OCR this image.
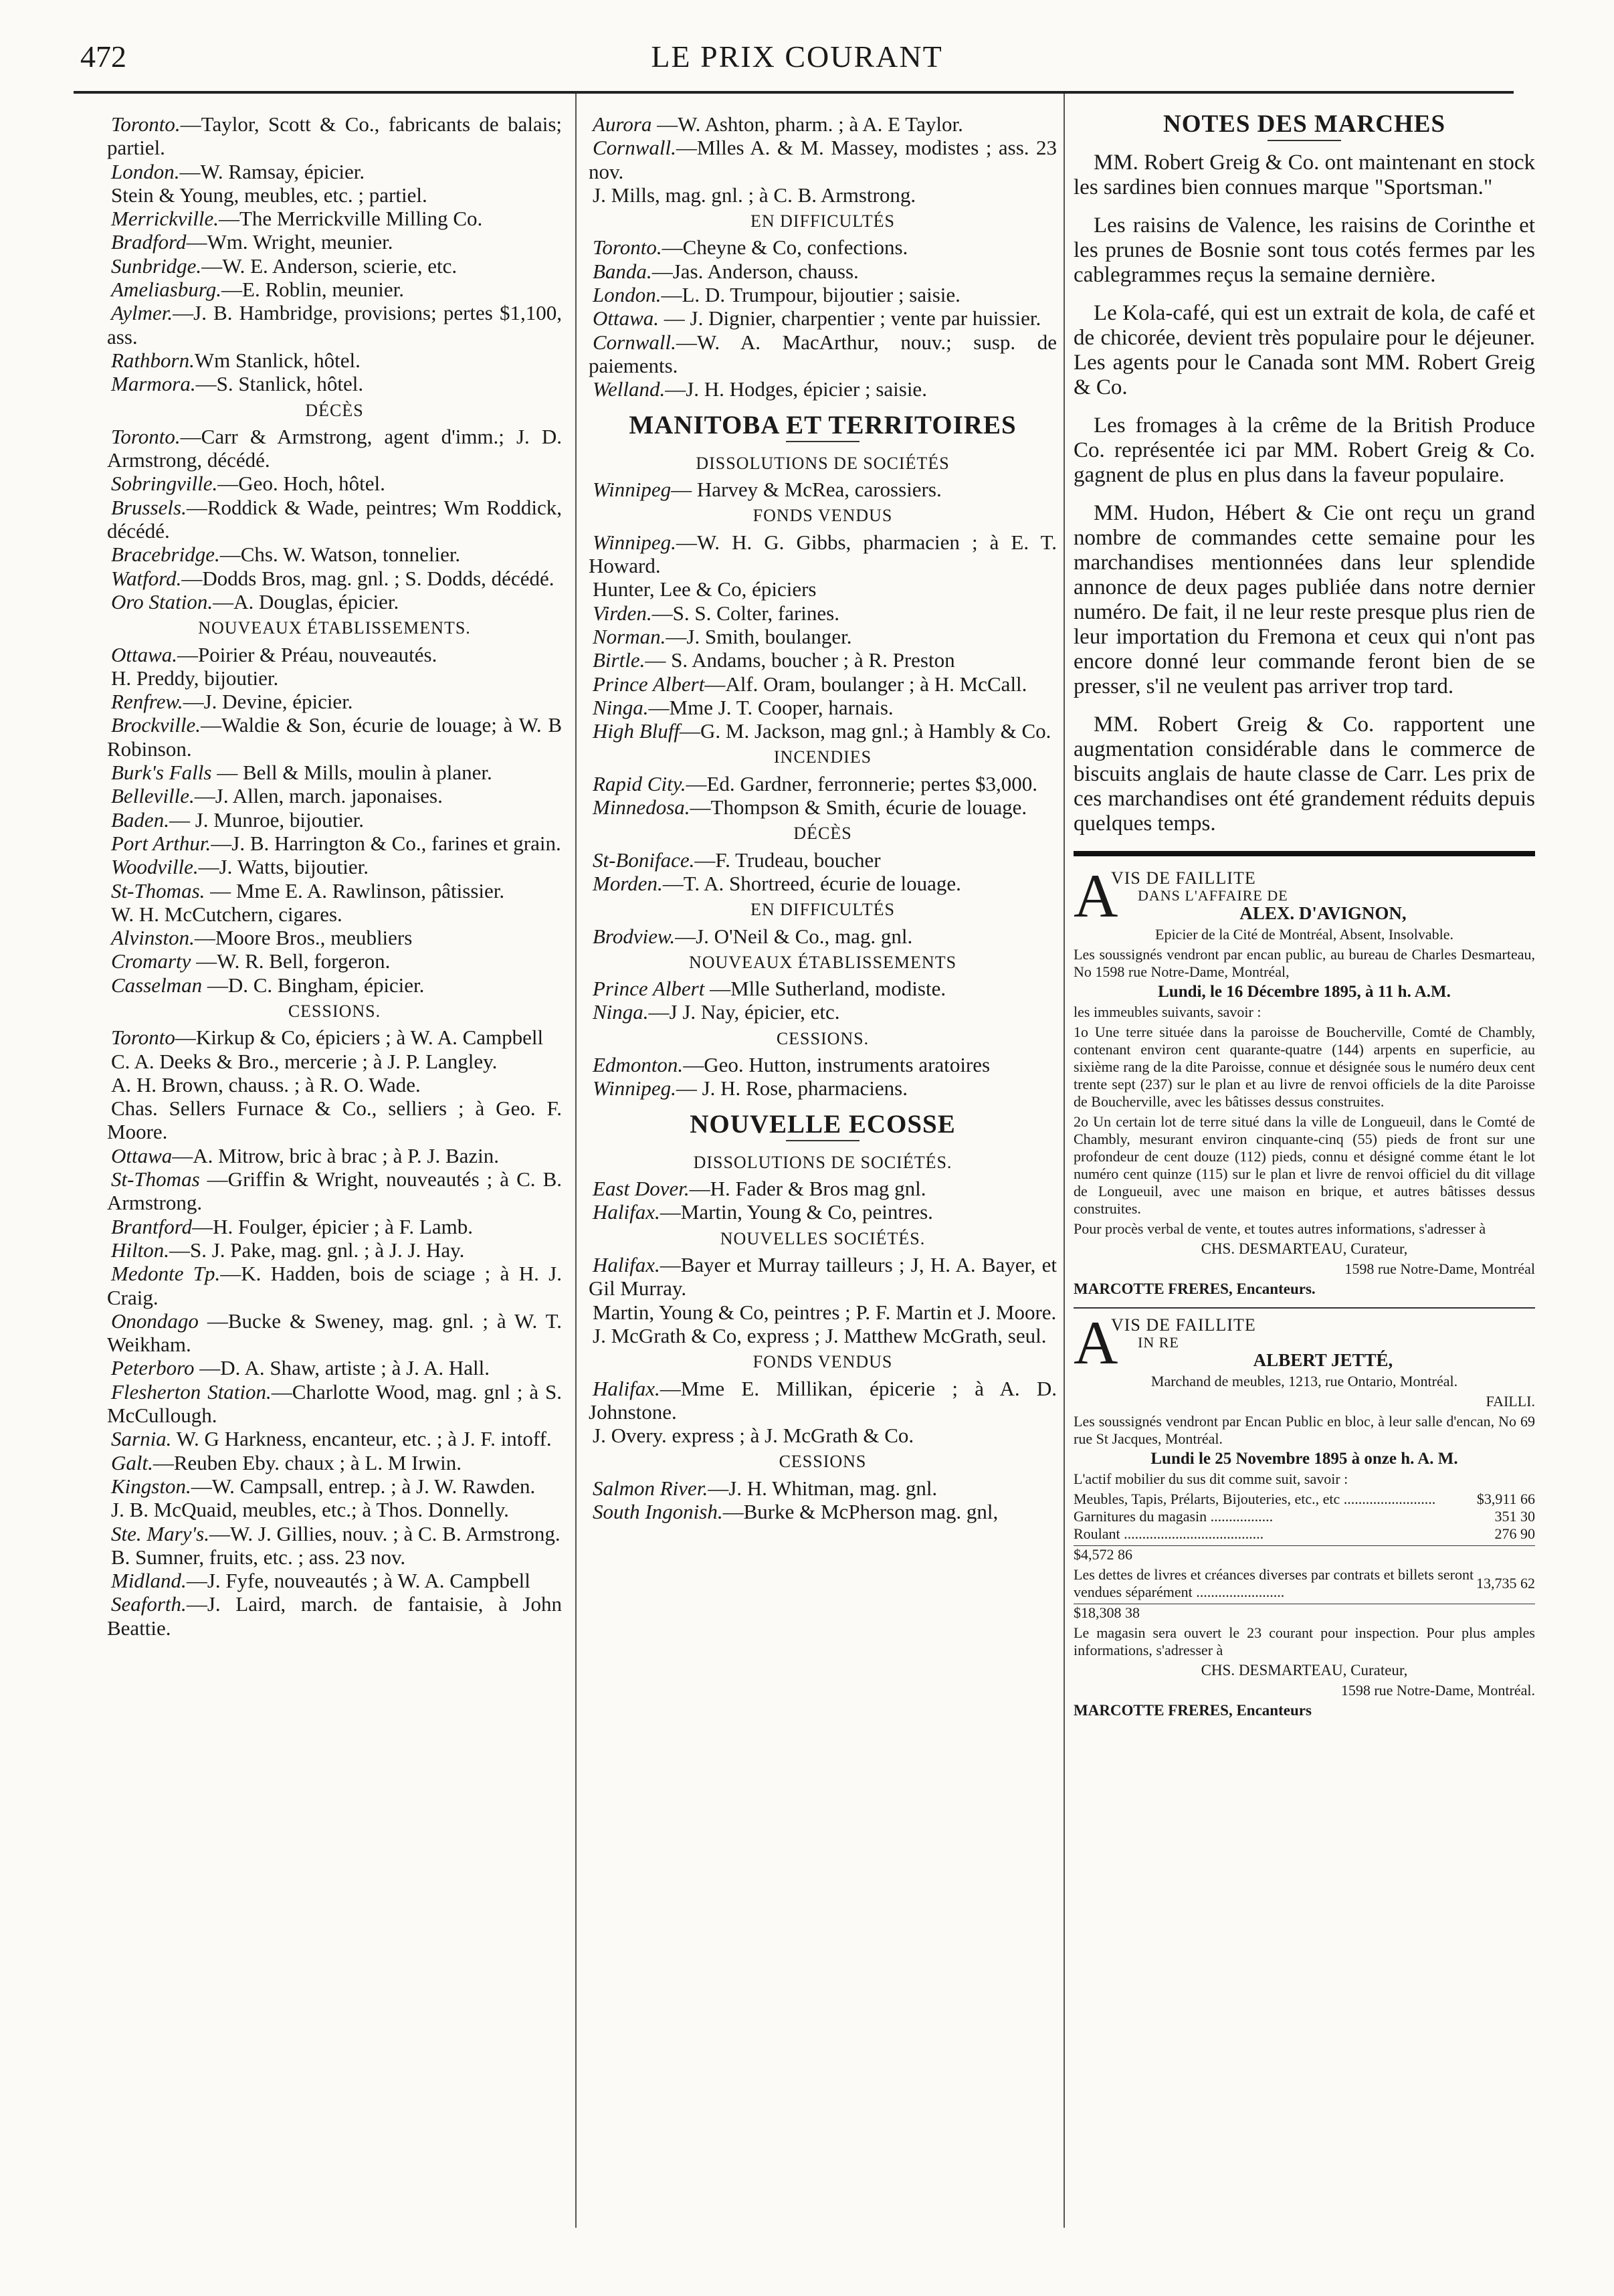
472	LE PRIX COURANT
Toronto.—Taylor, Scott & Co., fabricants de balais; partiel.
London.—W. Ramsay, épicier.
Stein & Young, meubles, etc. ; partiel.
Merrickville.—The Merrickville Milling Co.
Bradford—Wm. Wright, meunier.
Sunbridge.—W. E. Anderson, scierie, etc.
Ameliasburg.—E. Roblin, meunier.
Aylmer.—J. B. Hambridge, provisions; pertes $1,100, ass.
Rathborn.Wm Stanlick, hôtel.
Marmora.—S. Stanlick, hôtel.
DÉCÈS
Toronto.—Carr & Armstrong, agent d'imm.; J. D. Armstrong, décédé.
Sobringville.—Geo. Hoch, hôtel.
Brussels.—Roddick & Wade, peintres; Wm Roddick, décédé.
Bracebridge.—Chs. W. Watson, tonnelier.
Watford.—Dodds Bros, mag. gnl. ; S. Dodds, décédé.
Oro Station.—A. Douglas, épicier.
NOUVEAUX ÉTABLISSEMENTS.
Ottawa.—Poirier & Préau, nouveautés.
H. Preddy, bijoutier.
Renfrew.—J. Devine, épicier.
Brockville.—Waldie & Son, écurie de louage; à W. B Robinson.
Burk's Falls — Bell & Mills, moulin à planer.
Belleville.—J. Allen, march. japonaises.
Baden.— J. Munroe, bijoutier.
Port Arthur.—J. B. Harrington & Co., farines et grain.
Woodville.—J. Watts, bijoutier.
St-Thomas. — Mme E. A. Rawlinson, pâtissier.
W. H. McCutchern, cigares.
Alvinston.—Moore Bros., meubliers
Cromarty —W. R. Bell, forgeron.
Casselman —D. C. Bingham, épicier.
CESSIONS.
Toronto—Kirkup & Co, épiciers ; à W. A. Campbell
C. A. Deeks & Bro., mercerie ; à J. P. Langley.
A. H. Brown, chauss. ; à R. O. Wade.
Chas. Sellers Furnace & Co., selliers ; à Geo. F. Moore.
Ottawa—A. Mitrow, bric à brac ; à P. J. Bazin.
St-Thomas —Griffin & Wright, nouveautés ; à C. B. Armstrong.
Brantford—H. Foulger, épicier ; à F. Lamb.
Hilton.—S. J. Pake, mag. gnl. ; à J. J. Hay.
Medonte Tp.—K. Hadden, bois de sciage ; à H. J. Craig.
Onondago —Bucke & Sweney, mag. gnl. ; à W. T. Weikham.
Peterboro —D. A. Shaw, artiste ; à J. A. Hall.
Flesherton Station.—Charlotte Wood, mag. gnl ; à S. McCullough.
Sarnia. W. G Harkness, encanteur, etc. ; à J. F. intoff.
Galt.—Reuben Eby. chaux ; à L. M Irwin.
Kingston.—W. Campsall, entrep. ; à J. W. Rawden.
J. B. McQuaid, meubles, etc.; à Thos. Donnelly.
Ste. Mary's.—W. J. Gillies, nouv. ; à C. B. Armstrong.
B. Sumner, fruits, etc. ; ass. 23 nov.
Midland.—J. Fyfe, nouveautés ; à W. A. Campbell
Seaforth.—J. Laird, march. de fantaisie, à John Beattie.
Aurora —W. Ashton, pharm. ; à A. E Taylor.
Cornwall.—Mlles A. & M. Massey, modistes ; ass. 23 nov.
J. Mills, mag. gnl. ; à C. B. Armstrong.
EN DIFFICULTÉS
Toronto.—Cheyne & Co, confections.
Banda.—Jas. Anderson, chauss.
London.—L. D. Trumpour, bijoutier ; saisie.
Ottawa. — J. Dignier, charpentier ; vente par huissier.
Cornwall.—W. A. MacArthur, nouv.; susp. de paiements.
Welland.—J. H. Hodges, épicier ; saisie.
MANITOBA ET TERRITOIRES
DISSOLUTIONS DE SOCIÉTÉS
Winnipeg— Harvey & McRea, carossiers.
FONDS VENDUS
Winnipeg.—W. H. G. Gibbs, pharmacien ; à E. T. Howard.
Hunter, Lee & Co, épiciers
Virden.—S. S. Colter, farines.
Norman.—J. Smith, boulanger.
Birtle.— S. Andams, boucher ; à R. Preston
Prince Albert—Alf. Oram, boulanger ; à H. McCall.
Ninga.—Mme J. T. Cooper, harnais.
High Bluff—G. M. Jackson, mag gnl.; à Hambly & Co.
INCENDIES
Rapid City.—Ed. Gardner, ferronnerie; pertes $3,000.
Minnedosa.—Thompson & Smith, écurie de louage.
DÉCÈS
St-Boniface.—F. Trudeau, boucher
Morden.—T. A. Shortreed, écurie de louage.
EN DIFFICULTÉS
Brodview.—J. O'Neil & Co., mag. gnl.
NOUVEAUX ÉTABLISSEMENTS
Prince Albert —Mlle Sutherland, modiste.
Ninga.—J J. Nay, épicier, etc.
CESSIONS.
Edmonton.—Geo. Hutton, instruments aratoires
Winnipeg.— J. H. Rose, pharmaciens.
NOUVELLE ECOSSE
DISSOLUTIONS DE SOCIÉTÉS.
East Dover.—H. Fader & Bros mag gnl.
Halifax.—Martin, Young & Co, peintres.
NOUVELLES SOCIÉTÉS.
Halifax.—Bayer et Murray tailleurs ; J, H. A. Bayer, et Gil Murray.
Martin, Young & Co, peintres ; P. F. Martin et J. Moore.
J. McGrath & Co, express ; J. Matthew McGrath, seul.
FONDS VENDUS
Halifax.—Mme E. Millikan, épicerie ; à A. D. Johnstone.
J. Overy. express ; à J. McGrath & Co.
CESSIONS
Salmon River.—J. H. Whitman, mag. gnl.
South Ingonish.—Burke & McPherson mag. gnl,
NOTES DES MARCHES

MM. Robert Greig & Co. ont maintenant en stock les sardines bien connues marque "Sportsman."

Les raisins de Valence, les raisins de Corinthe et les prunes de Bosnie sont tous cotés fermes par les cablegrammes reçus la semaine dernière.

Le Kola-café, qui est un extrait de kola, de café et de chicorée, devient très populaire pour le déjeuner. Les agents pour le Canada sont MM. Robert Greig & Co.

Les fromages à la crême de la British Produce Co. représentée ici par MM. Robert Greig & Co. gagnent de plus en plus dans la faveur populaire.

MM. Hudon, Hébert & Cie ont reçu un grand nombre de commandes cette semaine pour les marchandises mentionnées dans leur splendide annonce de deux pages publiée dans notre dernier numéro. De fait, il ne leur reste presque plus rien de leur importation du Fremona et ceux qui n'ont pas encore donné leur commande feront bien de se presser, s'il ne veulent pas arriver trop tard.

MM. Robert Greig & Co. rapportent une augmentation considérable dans le commerce de biscuits anglais de haute classe de Carr. Les prix de ces marchandises ont été grandement réduits depuis quelques temps.

A
VIS DE FAILLITE
DANS L'AFFAIRE DE
ALEX. D'AVIGNON,

Epicier de la Cité de Montréal, Absent, Insolvable.

Les soussignés vendront par encan public, au bureau de Charles Desmarteau, No 1598 rue Notre-Dame, Montréal,

Lundi, le 16 Décembre 1895, à 11 h. A.M.

les immeubles suivants, savoir :

1o Une terre située dans la paroisse de Boucherville, Comté de Chambly, contenant environ cent quarante-quatre (144) arpents en superficie, au sixième rang de la dite Paroisse, connue et désignée sous le numéro deux cent trente sept (237) sur le plan et au livre de renvoi officiels de la dite Paroisse de Boucherville, avec les bâtisses dessus construites.

2o Un certain lot de terre situé dans la ville de Longueuil, dans le Comté de Chambly, mesurant environ cinquante-cinq (55) pieds de front sur une profondeur de cent douze (112) pieds, connu et désigné comme étant le lot numéro cent quinze (115) sur le plan et livre de renvoi officiel du dit village de Longueuil, avec une maison en brique, et autres bâtisses dessus construites.

Pour procès verbal de vente, et toutes autres informations, s'adresser à

CHS. DESMARTEAU, Curateur,

1598 rue Notre-Dame, Montréal

MARCOTTE FRERES, Encanteurs.

A
VIS DE FAILLITE
IN RE
ALBERT JETTÉ,

Marchand de meubles, 1213, rue Ontario, Montréal.

FAILLI.

Les soussignés vendront par Encan Public en bloc, à leur salle d'encan, No 69 rue St Jacques, Montréal.

Lundi le 25 Novembre 1895 à onze h. A. M.

L'actif mobilier du sus dit comme suit, savoir :

Meubles, Tapis, Prélarts, Bijouteries, etc., etc .........................	$3,911 66
Garnitures du magasin .................	351 30
Roulant ......................................	276 90

$4,572 86

Les dettes de livres et créances diverses par contrats et billets seront vendues séparément ........................	13,735 62

$18,308 38

Le magasin sera ouvert le 23 courant pour inspection. Pour plus amples informations, s'adresser à

CHS. DESMARTEAU, Curateur,

1598 rue Notre-Dame, Montréal.

MARCOTTE FRERES, Encanteurs
